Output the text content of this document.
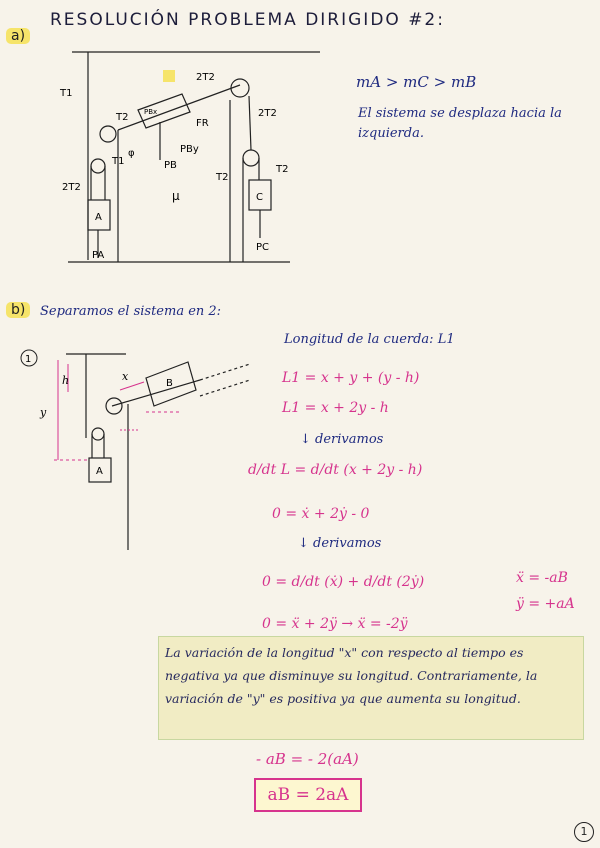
RESOLUCIÓN PROBLEMA DIRIGIDO #2:
a)
T1
2T2
2T2
T2
T1
2T2
T2
T2
PBy
PBx
PB
FR
φ
μ
A
C
PA
PC
mA > mC > mB
El sistema se desplaza hacia la izquierda.
b)	Separamos el sistema en 2:
1
h
y
x
A
B
Longitud de la cuerda: L1
L1 = x + y + (y - h)
L1 = x + 2y - h
↓ derivamos
d/dt L = d/dt (x + 2y - h)
0 = ẋ + 2ẏ - 0
↓ derivamos
0 = d/dt (ẋ) + d/dt (2ẏ)
0 = ẍ + 2ÿ → ẍ = -2ÿ
ẍ = -aB
ÿ = +aA
La variación de la longitud "x" con respecto al tiempo es negativa ya que disminuye su longitud. Contrariamente, la variación de "y" es positiva ya que aumenta su longitud.
- aB = - 2(aA)
aB = 2aA
1
